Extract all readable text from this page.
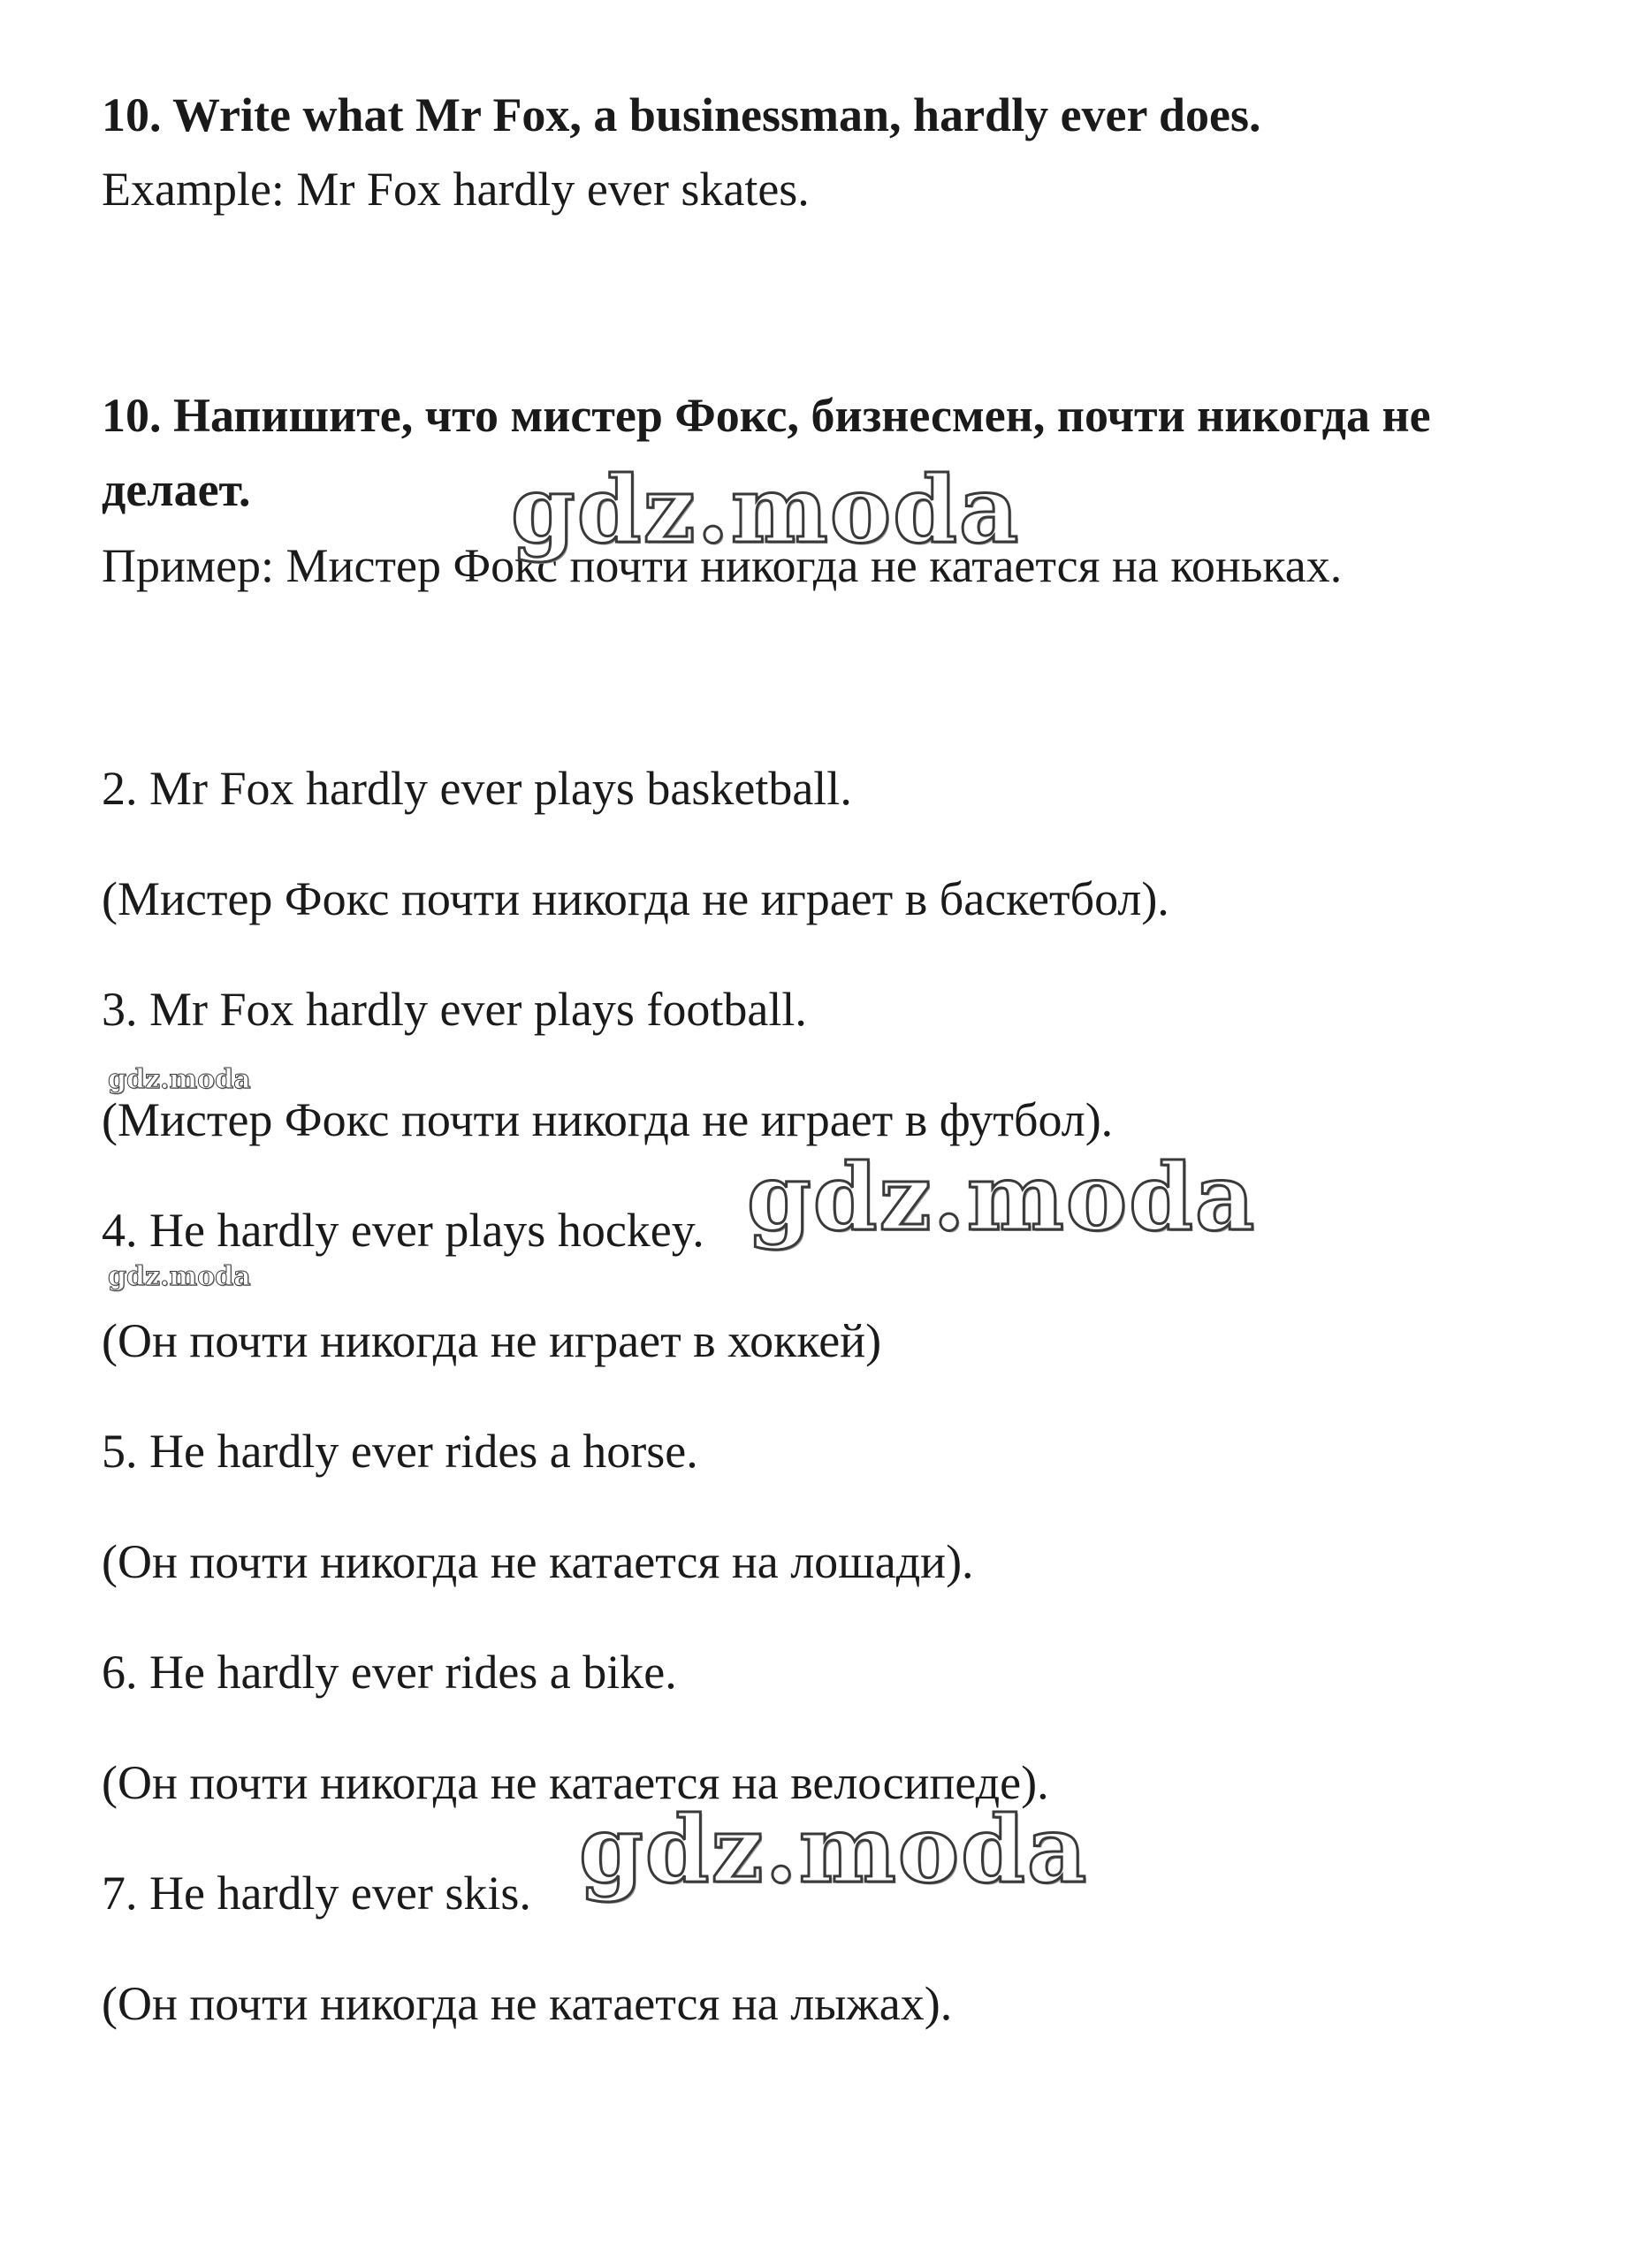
10. Write what Mr Fox, a businessman, hardly ever does.
Example: Mr Fox hardly ever skates.
10. Напишите, что мистер Фокс, бизнесмен, почти никогда не
делает.
Пример: Мистер Фокс почти никогда не катается на коньках.
2. Mr Fox hardly ever plays basketball.
(Мистер Фокс почти никогда не играет в баскетбол).
3. Mr Fox hardly ever plays football.
(Мистер Фокс почти никогда не играет в футбол).
4. He hardly ever plays hockey.
(Он почти никогда не играет в хоккей)
5. He hardly ever rides a horse.
(Он почти никогда не катается на лошади).
6. He hardly ever rides a bike.
(Он почти никогда не катается на велосипеде).
7. He hardly ever skis.
(Он почти никогда не катается на лыжах).
gdz.moda
gdz.moda
gdz.moda
gdz.moda
gdz.moda
